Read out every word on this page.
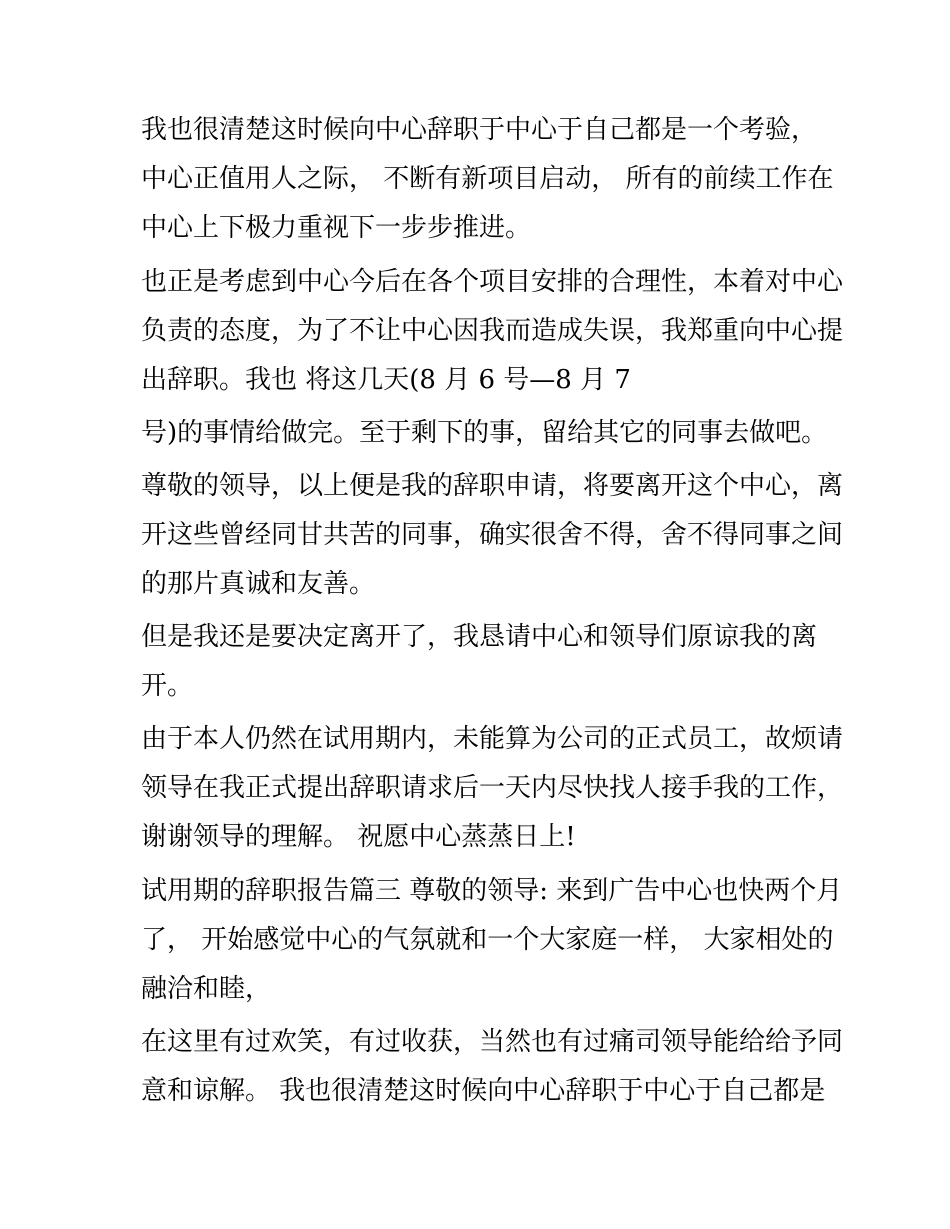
我也很清楚这时候向中心辞职于中心于自己都是一个考验，
中心正值用人之际， 不断有新项目启动， 所有的前续工作在
中心上下极力重视下一步步推进。
也正是考虑到中心今后在各个项目安排的合理性，本着对中心
负责的态度，为了不让中心因我而造成失误，我郑重向中心提
出辞职。我也 将这几天(8 月 6 号—8 月 7
号)的事情给做完。至于剩下的事，留给其它的同事去做吧。
尊敬的领导，以上便是我的辞职申请，将要离开这个中心，离
开这些曾经同甘共苦的同事，确实很舍不得，舍不得同事之间
的那片真诚和友善。
但是我还是要决定离开了，我恳请中心和领导们原谅我的离
开。
由于本人仍然在试用期内，未能算为公司的正式员工，故烦请
领导在我正式提出辞职请求后一天内尽快找人接手我的工作，
谢谢领导的理解。 祝愿中心蒸蒸日上!
试用期的辞职报告篇三 尊敬的领导: 来到广告中心也快两个月
了， 开始感觉中心的气氛就和一个大家庭一样， 大家相处的
融洽和睦，
在这里有过欢笑，有过收获，当然也有过痛司领导能给给予同
意和谅解。 我也很清楚这时候向中心辞职于中心于自己都是
